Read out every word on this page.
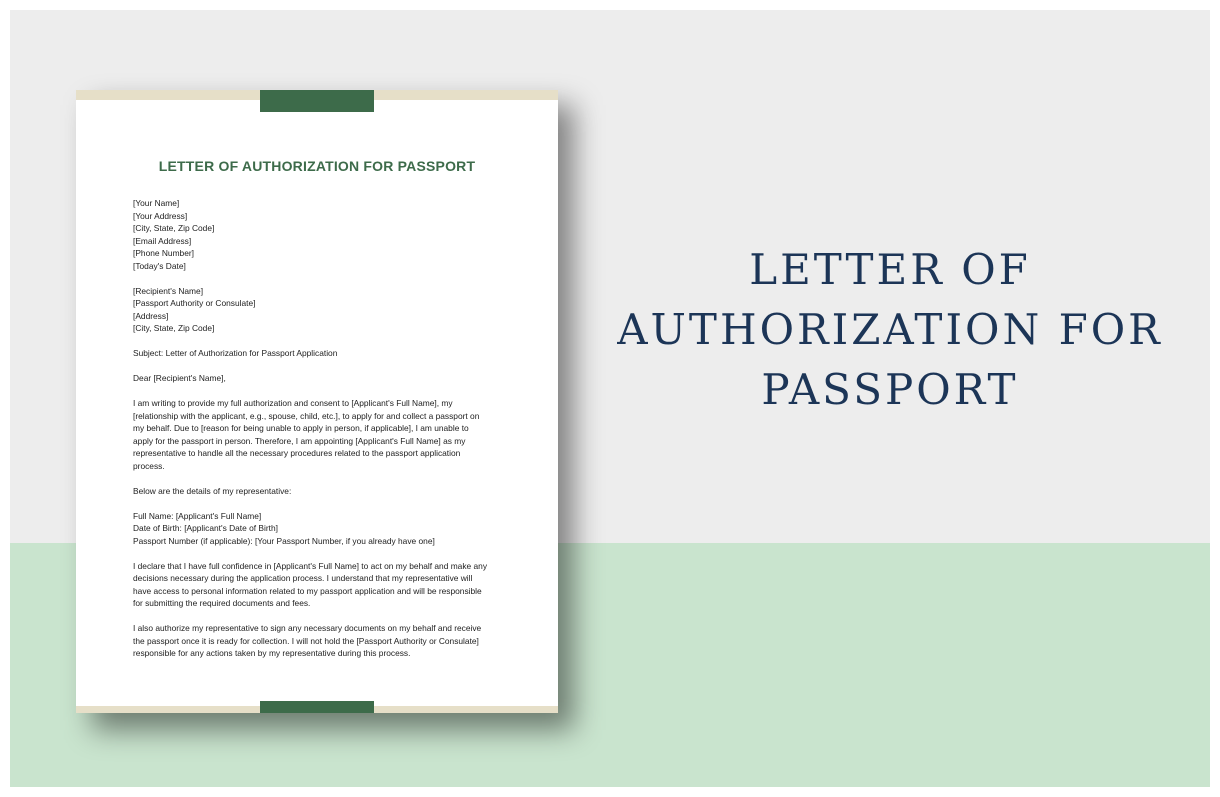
LETTER OF AUTHORIZATION FOR PASSPORT
[Your Name]
[Your Address]
[City, State, Zip Code]
[Email Address]
[Phone Number]
[Today's Date]
[Recipient's Name]
[Passport Authority or Consulate]
[Address]
[City, State, Zip Code]
Subject: Letter of Authorization for Passport Application
Dear [Recipient's Name],
I am writing to provide my full authorization and consent to [Applicant's Full Name], my
[relationship with the applicant, e.g., spouse, child, etc.], to apply for and collect a passport on
my behalf. Due to [reason for being unable to apply in person, if applicable], I am unable to
apply for the passport in person. Therefore, I am appointing [Applicant's Full Name] as my
representative to handle all the necessary procedures related to the passport application
process.
Below are the details of my representative:
Full Name: [Applicant's Full Name]
Date of Birth: [Applicant's Date of Birth]
Passport Number (if applicable): [Your Passport Number, if you already have one]
I declare that I have full confidence in [Applicant's Full Name] to act on my behalf and make any
decisions necessary during the application process. I understand that my representative will
have access to personal information related to my passport application and will be responsible
for submitting the required documents and fees.
I also authorize my representative to sign any necessary documents on my behalf and receive
the passport once it is ready for collection. I will not hold the [Passport Authority or Consulate]
responsible for any actions taken by my representative during this process.
LETTER OF
AUTHORIZATION FOR
PASSPORT
